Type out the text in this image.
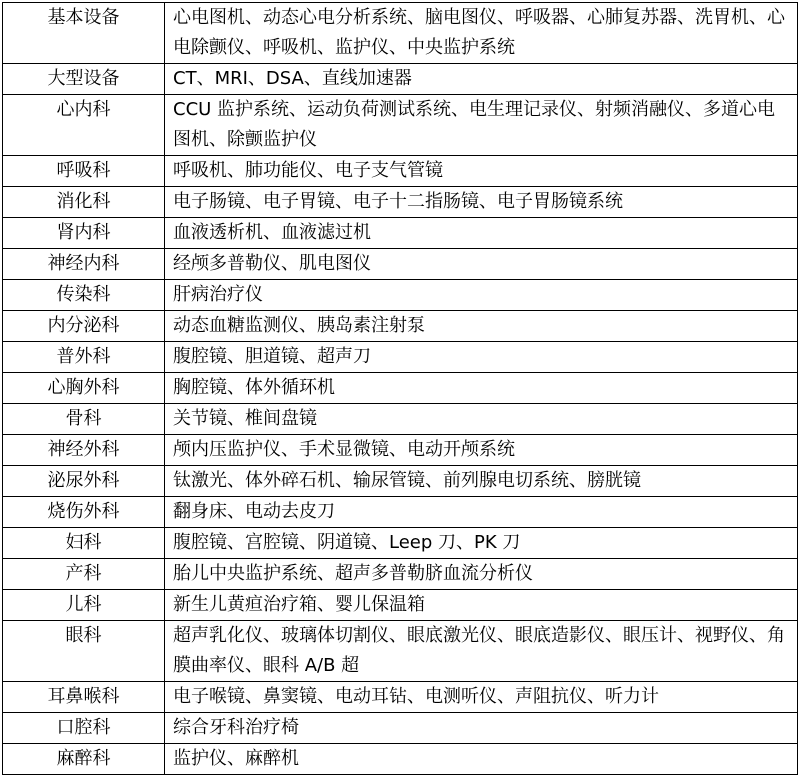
基本设备	心电图机、动态心电分析系统、脑电图仪、呼吸器、心肺复苏器、洗胃机、心电除颤仪、呼吸机、监护仪、中央监护系统
大型设备	CT、MRI、DSA、直线加速器
心内科	CCU 监护系统、运动负荷测试系统、电生理记录仪、射频消融仪、多道心电图机、除颤监护仪
呼吸科	呼吸机、肺功能仪、电子支气管镜
消化科	电子肠镜、电子胃镜、电子十二指肠镜、电子胃肠镜系统
肾内科	血液透析机、血液滤过机
神经内科	经颅多普勒仪、肌电图仪
传染科	肝病治疗仪
内分泌科	动态血糖监测仪、胰岛素注射泵
普外科	腹腔镜、胆道镜、超声刀
心胸外科	胸腔镜、体外循环机
骨科	关节镜、椎间盘镜
神经外科	颅内压监护仪、手术显微镜、电动开颅系统
泌尿外科	钛激光、体外碎石机、输尿管镜、前列腺电切系统、膀胱镜
烧伤外科	翻身床、电动去皮刀
妇科	腹腔镜、宫腔镜、阴道镜、Leep 刀、PK 刀
产科	胎儿中央监护系统、超声多普勒脐血流分析仪
儿科	新生儿黄疸治疗箱、婴儿保温箱
眼科	超声乳化仪、玻璃体切割仪、眼底激光仪、眼底造影仪、眼压计、视野仪、角膜曲率仪、眼科 A/B 超
耳鼻喉科	电子喉镜、鼻窦镜、电动耳钻、电测听仪、声阻抗仪、听力计
口腔科	综合牙科治疗椅
麻醉科	监护仪、麻醉机
